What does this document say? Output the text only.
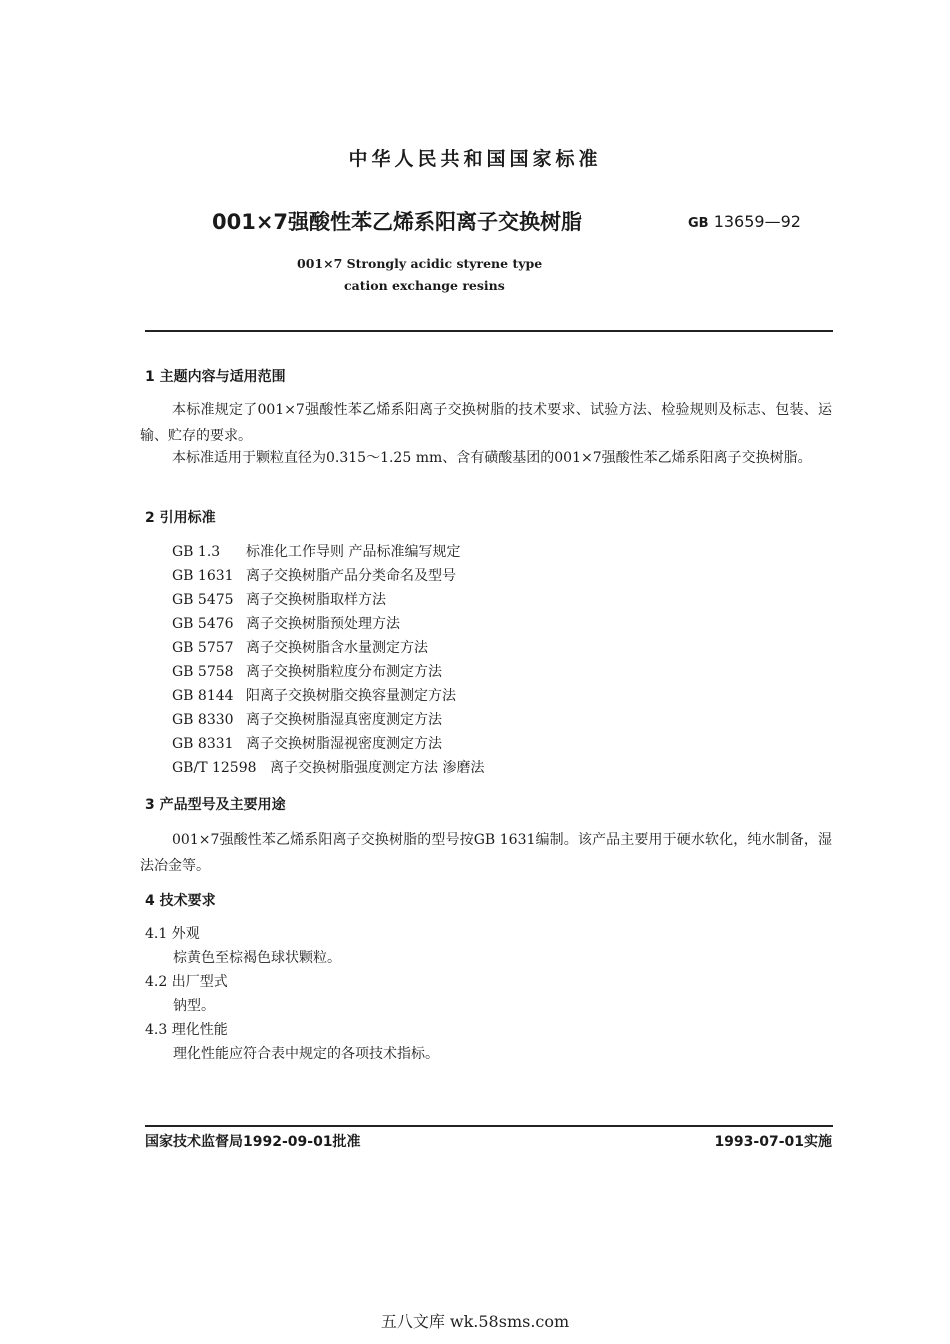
中华人民共和国国家标准
001×7强酸性苯乙烯系阳离子交换树脂	GB 13659—92
001×7 Strongly acidic styrene type
cation exchange resins
1 主题内容与适用范围
本标准规定了001×7强酸性苯乙烯系阳离子交换树脂的技术要求、试验方法、检验规则及标志、包装、运输、贮存的要求。
本标准适用于颗粒直径为0.315～1.25 mm、含有磺酸基团的001×7强酸性苯乙烯系阳离子交换树脂。
2 引用标准
GB 1.3 标准化工作导则 产品标准编写规定
GB 1631 离子交换树脂产品分类命名及型号
GB 5475 离子交换树脂取样方法
GB 5476 离子交换树脂预处理方法
GB 5757 离子交换树脂含水量测定方法
GB 5758 离子交换树脂粒度分布测定方法
GB 8144 阳离子交换树脂交换容量测定方法
GB 8330 离子交换树脂湿真密度测定方法
GB 8331 离子交换树脂湿视密度测定方法
GB/T 12598 离子交换树脂强度测定方法 渗磨法
3 产品型号及主要用途
001×7强酸性苯乙烯系阳离子交换树脂的型号按GB 1631编制。该产品主要用于硬水软化，纯水制备，湿法冶金等。
4 技术要求
4.1 外观
棕黄色至棕褐色球状颗粒。
4.2 出厂型式
钠型。
4.3 理化性能
理化性能应符合表中规定的各项技术指标。
国家技术监督局1992-09-01批准	1993-07-01实施
五八文库 wk.58sms.com
